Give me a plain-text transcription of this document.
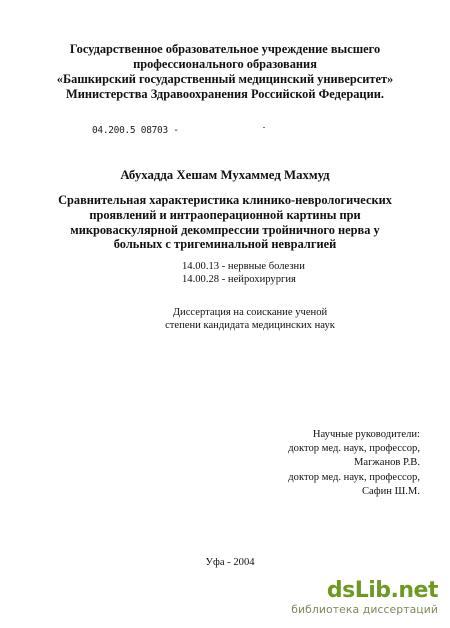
Государственное образовательное учреждение высшего
профессионального образования
«Башкирский государственный медицинский университет»
Министерства Здравоохранения Российской Федерации.
04.200.5 08703 -
Абухадда Хешам Мухаммед Махмуд
Сравнительная характеристика клинико-неврологических
проявлений и интраоперационной картины при
микроваскулярной декомпрессии тройничного нерва у
больных с тригеминальной невралгией
14.00.13 - нервные болезни
14.00.28 - нейрохирургия
Диссертация на соискание ученой
степени кандидата медицинских наук
Научные руководители:
доктор мед. наук, профессор,
Магжанов Р.В.
доктор мед. наук, профессор,
Сафин Ш.М.
Уфа - 2004
dsLib.net
библиотека диссертаций
